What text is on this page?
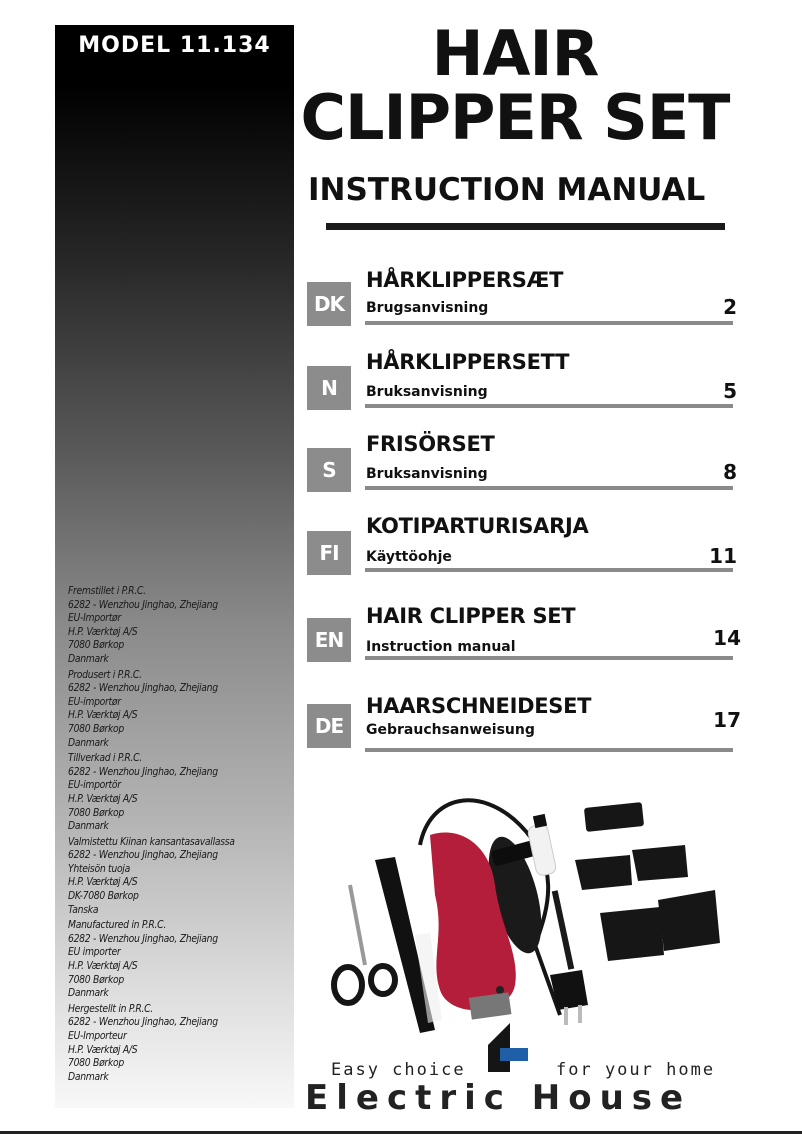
MODEL 11.134
Fremstillet i P.R.C.
6282 - Wenzhou Jinghao, Zhejiang
EU-Importør
H.P. Værktøj A/S
7080 Børkop
Danmark
Produsert i P.R.C.
6282 - Wenzhou Jinghao, Zhejiang
EU-importør
H.P. Værktøj A/S
7080 Børkop
Danmark
Tillverkad i P.R.C.
6282 - Wenzhou Jinghao, Zhejiang
EU-importör
H.P. Værktøj A/S
7080 Børkop
Danmark
Valmistettu Kiinan kansantasavallassa
6282 - Wenzhou Jinghao, Zhejiang
Yhteisön tuoja
H.P. Værktøj A/S
DK-7080 Børkop
Tanska
Manufactured in P.R.C.
6282 - Wenzhou Jinghao, Zhejiang
EU importer
H.P. Værktøj A/S
7080 Børkop
Danmark
Hergestellt in P.R.C.
6282 - Wenzhou Jinghao, Zhejiang
EU-Importeur
H.P. Værktøj A/S
7080 Børkop
Danmark
HAIR
CLIPPER SET
INSTRUCTION MANUAL
DK
HÅRKLIPPERSÆT
Brugsanvisning	2
N
HÅRKLIPPERSETT
Bruksanvisning	5
S
FRISÖRSET
Bruksanvisning	8
FI
KOTIPARTURISARJA
Käyttöohje	11
EN
HAIR CLIPPER SET
Instruction manual	14
DE
HAARSCHNEIDESET
Gebrauchsanweisung	17
Easy choice	for your home
Electric House
